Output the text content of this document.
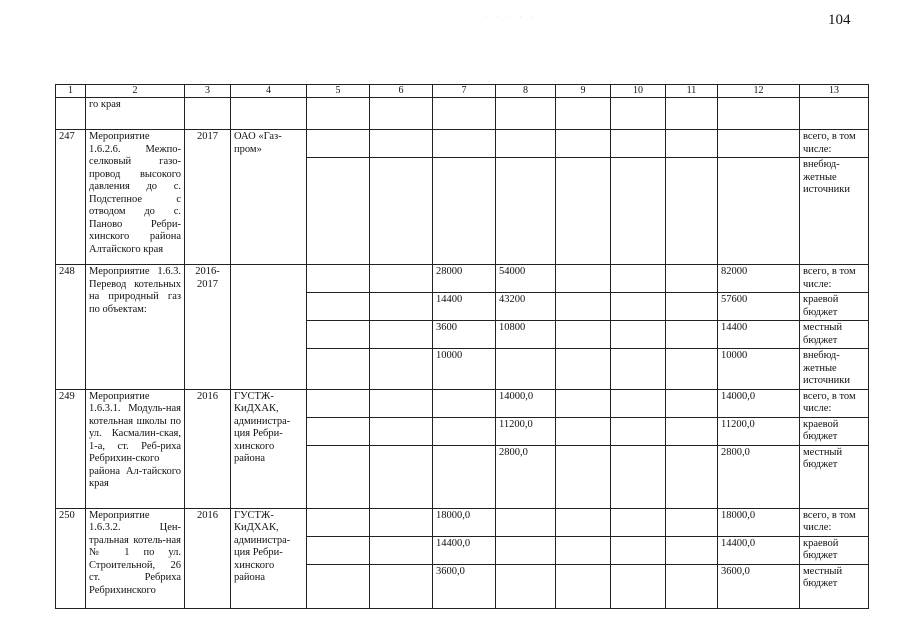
104
· · · · ·
1	2	3	4	5	6	7	8	9	10	11	12	13
	го края											
247	Мероприятие 1.6.2.6. Межпо-селковый газо-провод высокого давления до с. Подстепное с отводом до с. Паново Ребри-хинского района Алтайского края	2017	ОАО «Газ-пром»									всего, в том числе:
												внебюд-жетные источники
248	Мероприятие 1.6.3. Перевод котельных на природный газ по объектам:	2016-2017				28000	54000				82000	всего, в том числе:
						14400	43200				57600	краевой бюджет
						3600	10800				14400	местный бюджет
						10000					10000	внебюд-жетные источники
249	Мероприятие 1.6.3.1. Модуль-ная котельная школы по ул. Касмалин-ская, 1-а, ст. Реб-риха Ребрихин-ского района Ал-тайского края	2016	ГУСТЖ-КиДХАК, администра-ция Ребри-хинского района				14000,0				14000,0	всего, в том числе:
							11200,0				11200,0	краевой бюджет
							2800,0				2800,0	местный бюджет
250	Мероприятие 1.6.3.2. Цен-тральная котель-ная № 1 по ул. Строительной, 26 ст. Ребриха Ребрихинского	2016	ГУСТЖ-КиДХАК, администра-ция Ребри-хинского района			18000,0					18000,0	всего, в том числе:
						14400,0					14400,0	краевой бюджет
						3600,0					3600,0	местный бюджет
